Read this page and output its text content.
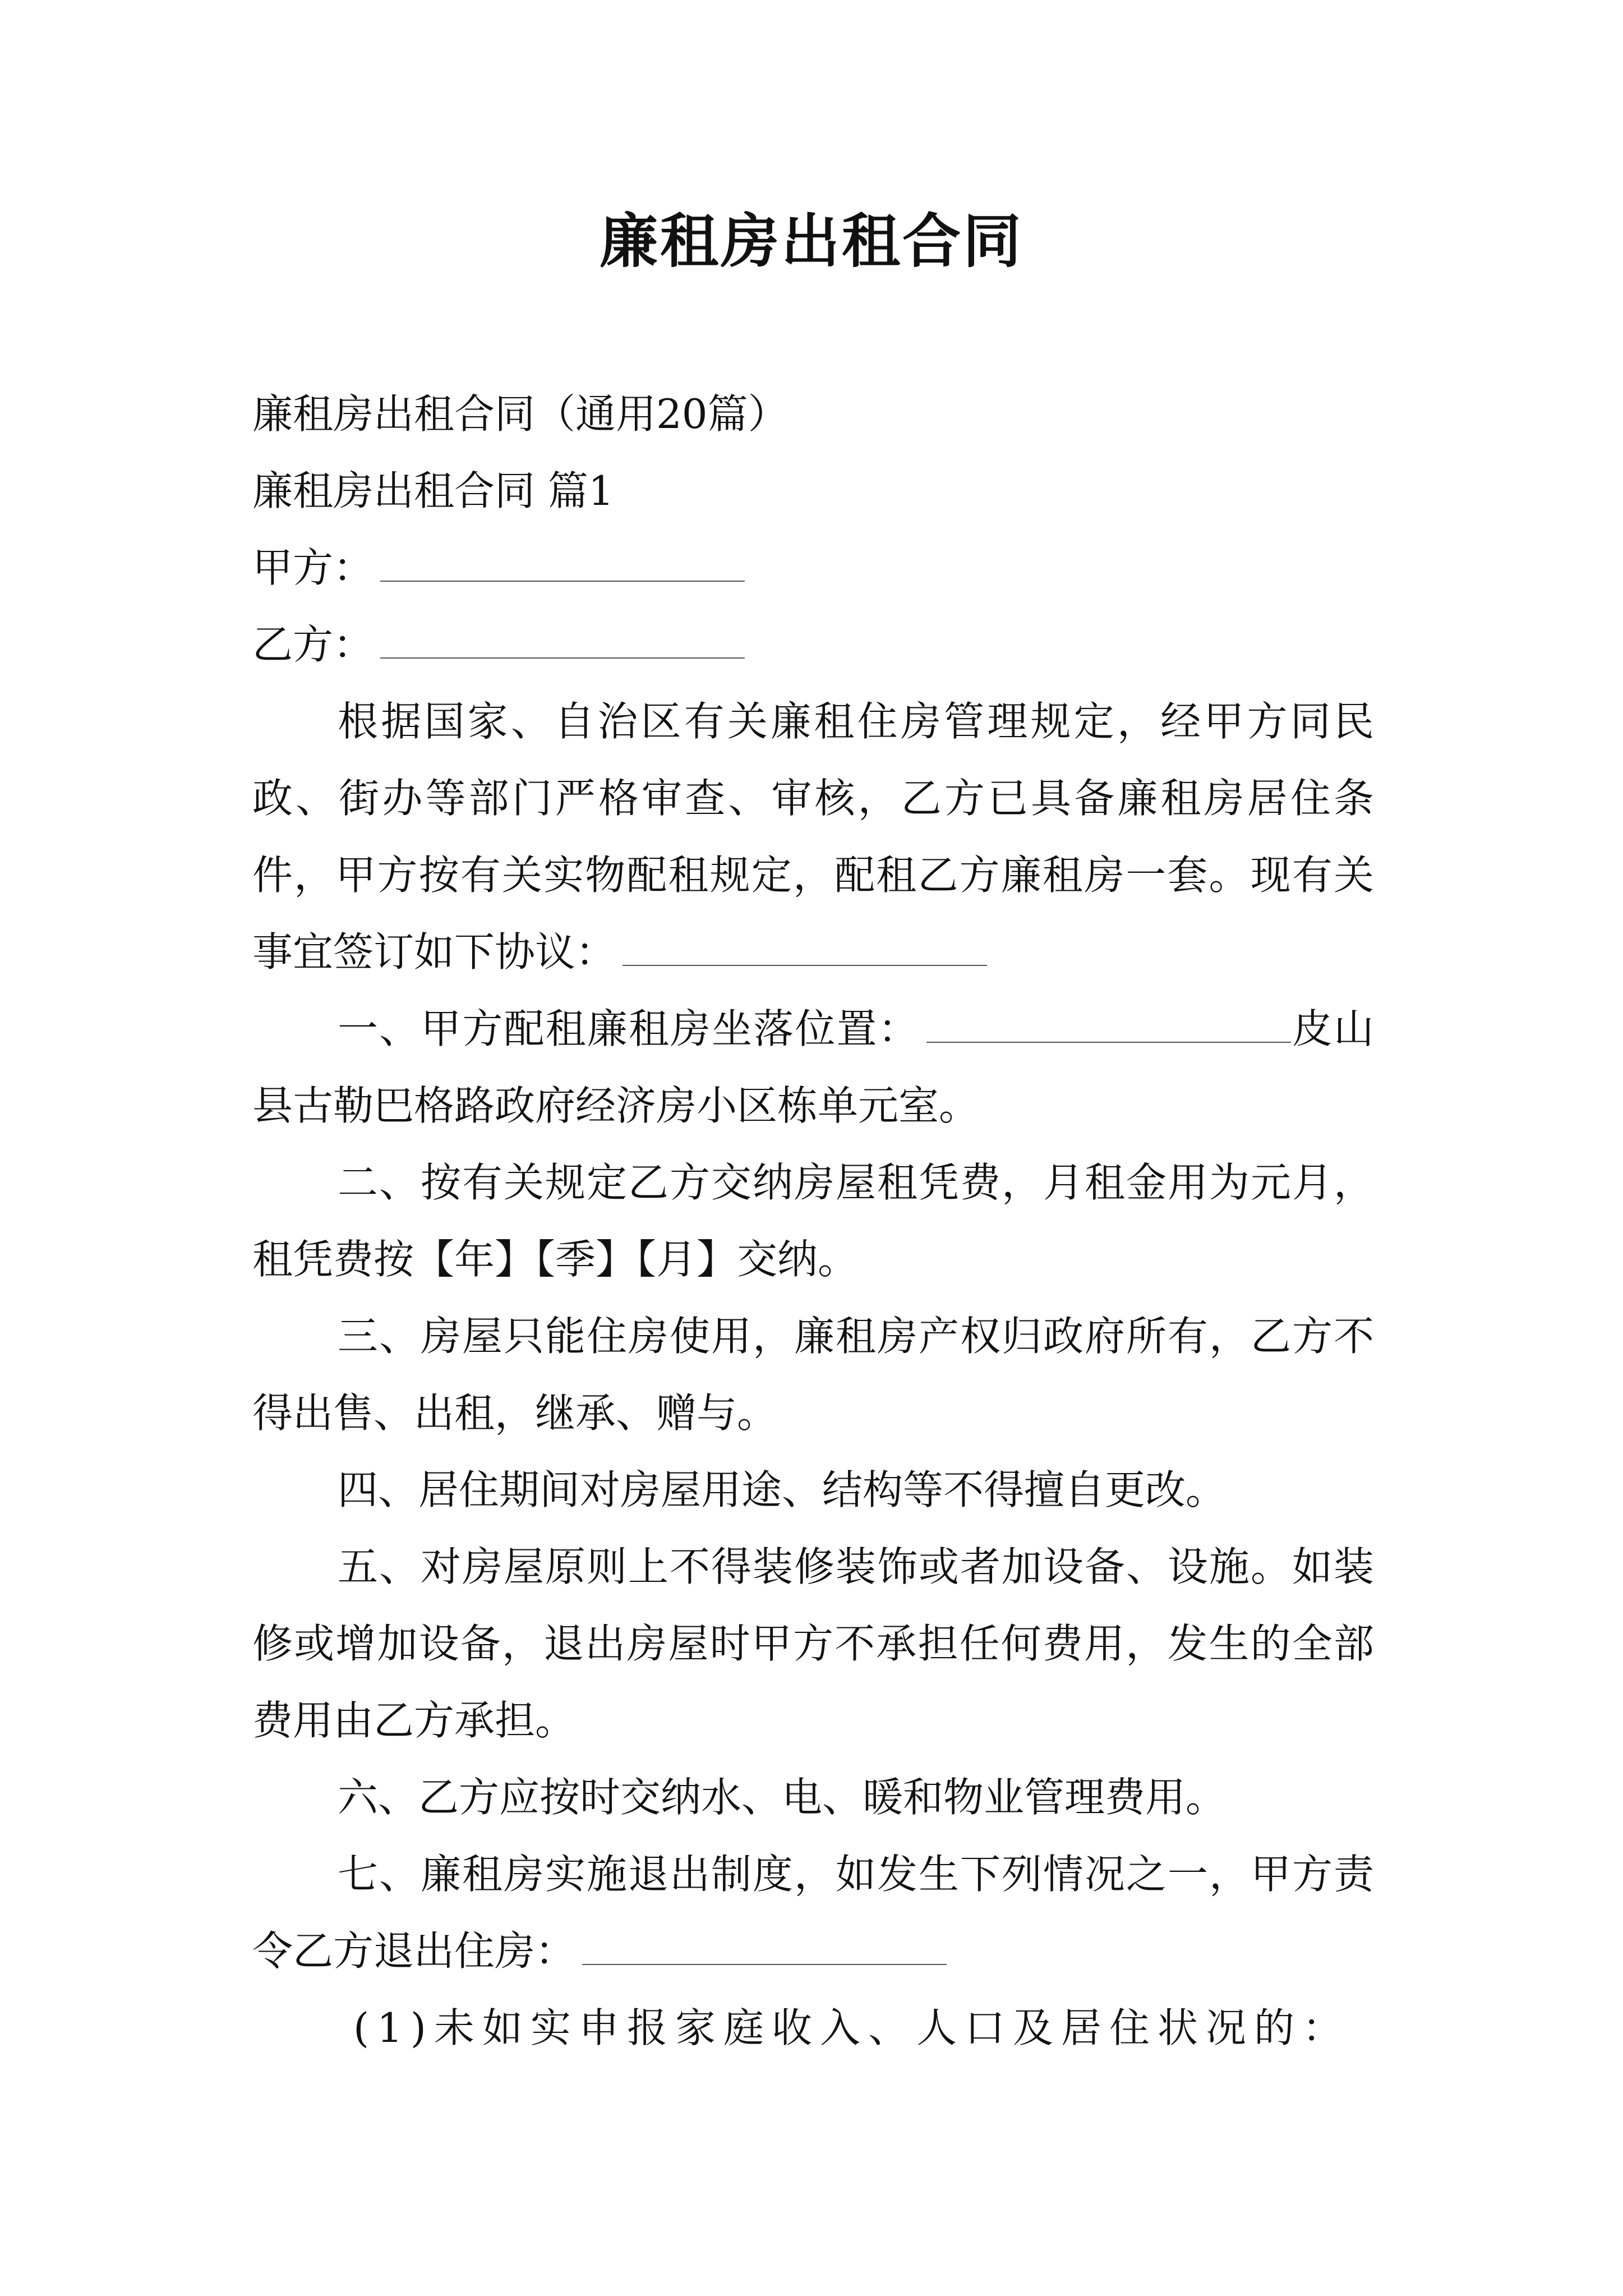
廉租房出租合同
廉租房出租合同（通用20篇）
廉租房出租合同 篇1
甲方：
乙方：
根据国家、自治区有关廉租住房管理规定，经甲方同民政、街办等部门严格审查、审核，乙方已具备廉租房居住条件，甲方按有关实物配租规定，配租乙方廉租房一套。现有关事宜签订如下协议：
一、甲方配租廉租房坐落位置：	皮山县古勒巴格路政府经济房小区栋单元室。
二、按有关规定乙方交纳房屋租凭费，月租金用为元月，租凭费按【年】【季】【月】交纳。
三、房屋只能住房使用，廉租房产权归政府所有，乙方不得出售、出租，继承、赠与。
四、居住期间对房屋用途、结构等不得擅自更改。
五、对房屋原则上不得装修装饰或者加设备、设施。如装修或增加设备，退出房屋时甲方不承担任何费用，发生的全部费用由乙方承担。
六、乙方应按时交纳水、电、暖和物业管理费用。
七、廉租房实施退出制度，如发生下列情况之一，甲方责令乙方退出住房：
(1)未如实申报家庭收入、人口及居住状况的：
